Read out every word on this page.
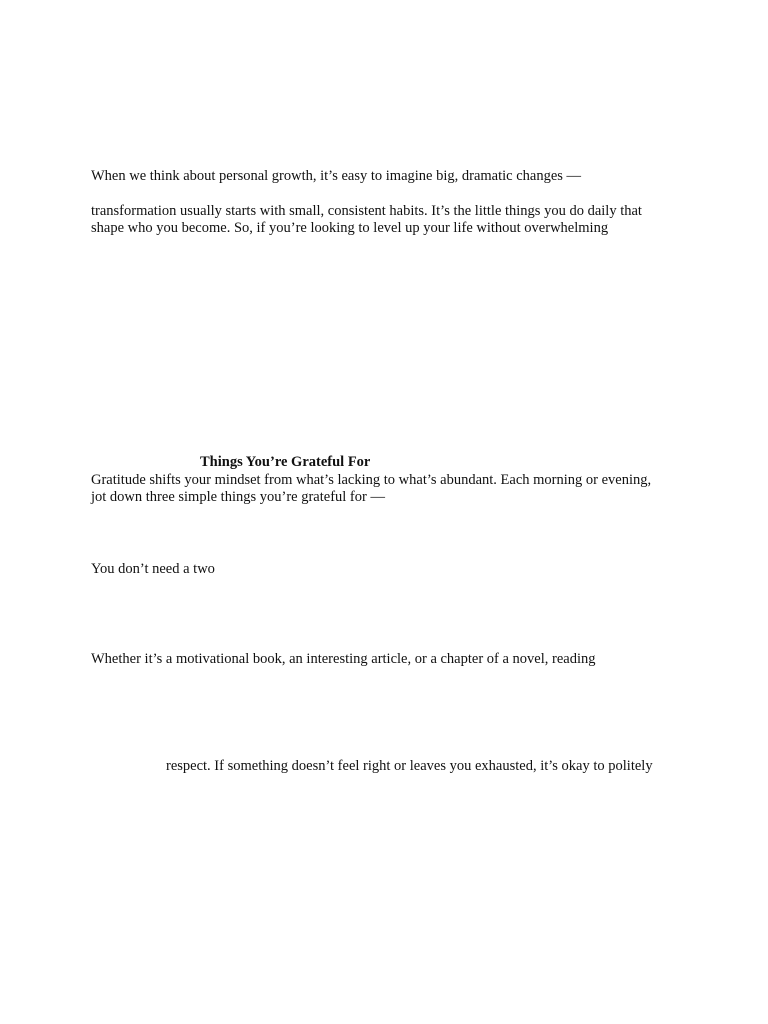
When we think about personal growth, it’s easy to imagine big, dramatic changes —

transformation usually starts with small, consistent habits. It’s the little things you do daily that

shape who you become. So, if you’re looking to level up your life without overwhelming

Things You’re Grateful For

Gratitude shifts your mindset from what’s lacking to what’s abundant. Each morning or evening,

jot down three simple things you’re grateful for —

You don’t need a two

Whether it’s a motivational book, an interesting article, or a chapter of a novel, reading

respect. If something doesn’t feel right or leaves you exhausted, it’s okay to politely
